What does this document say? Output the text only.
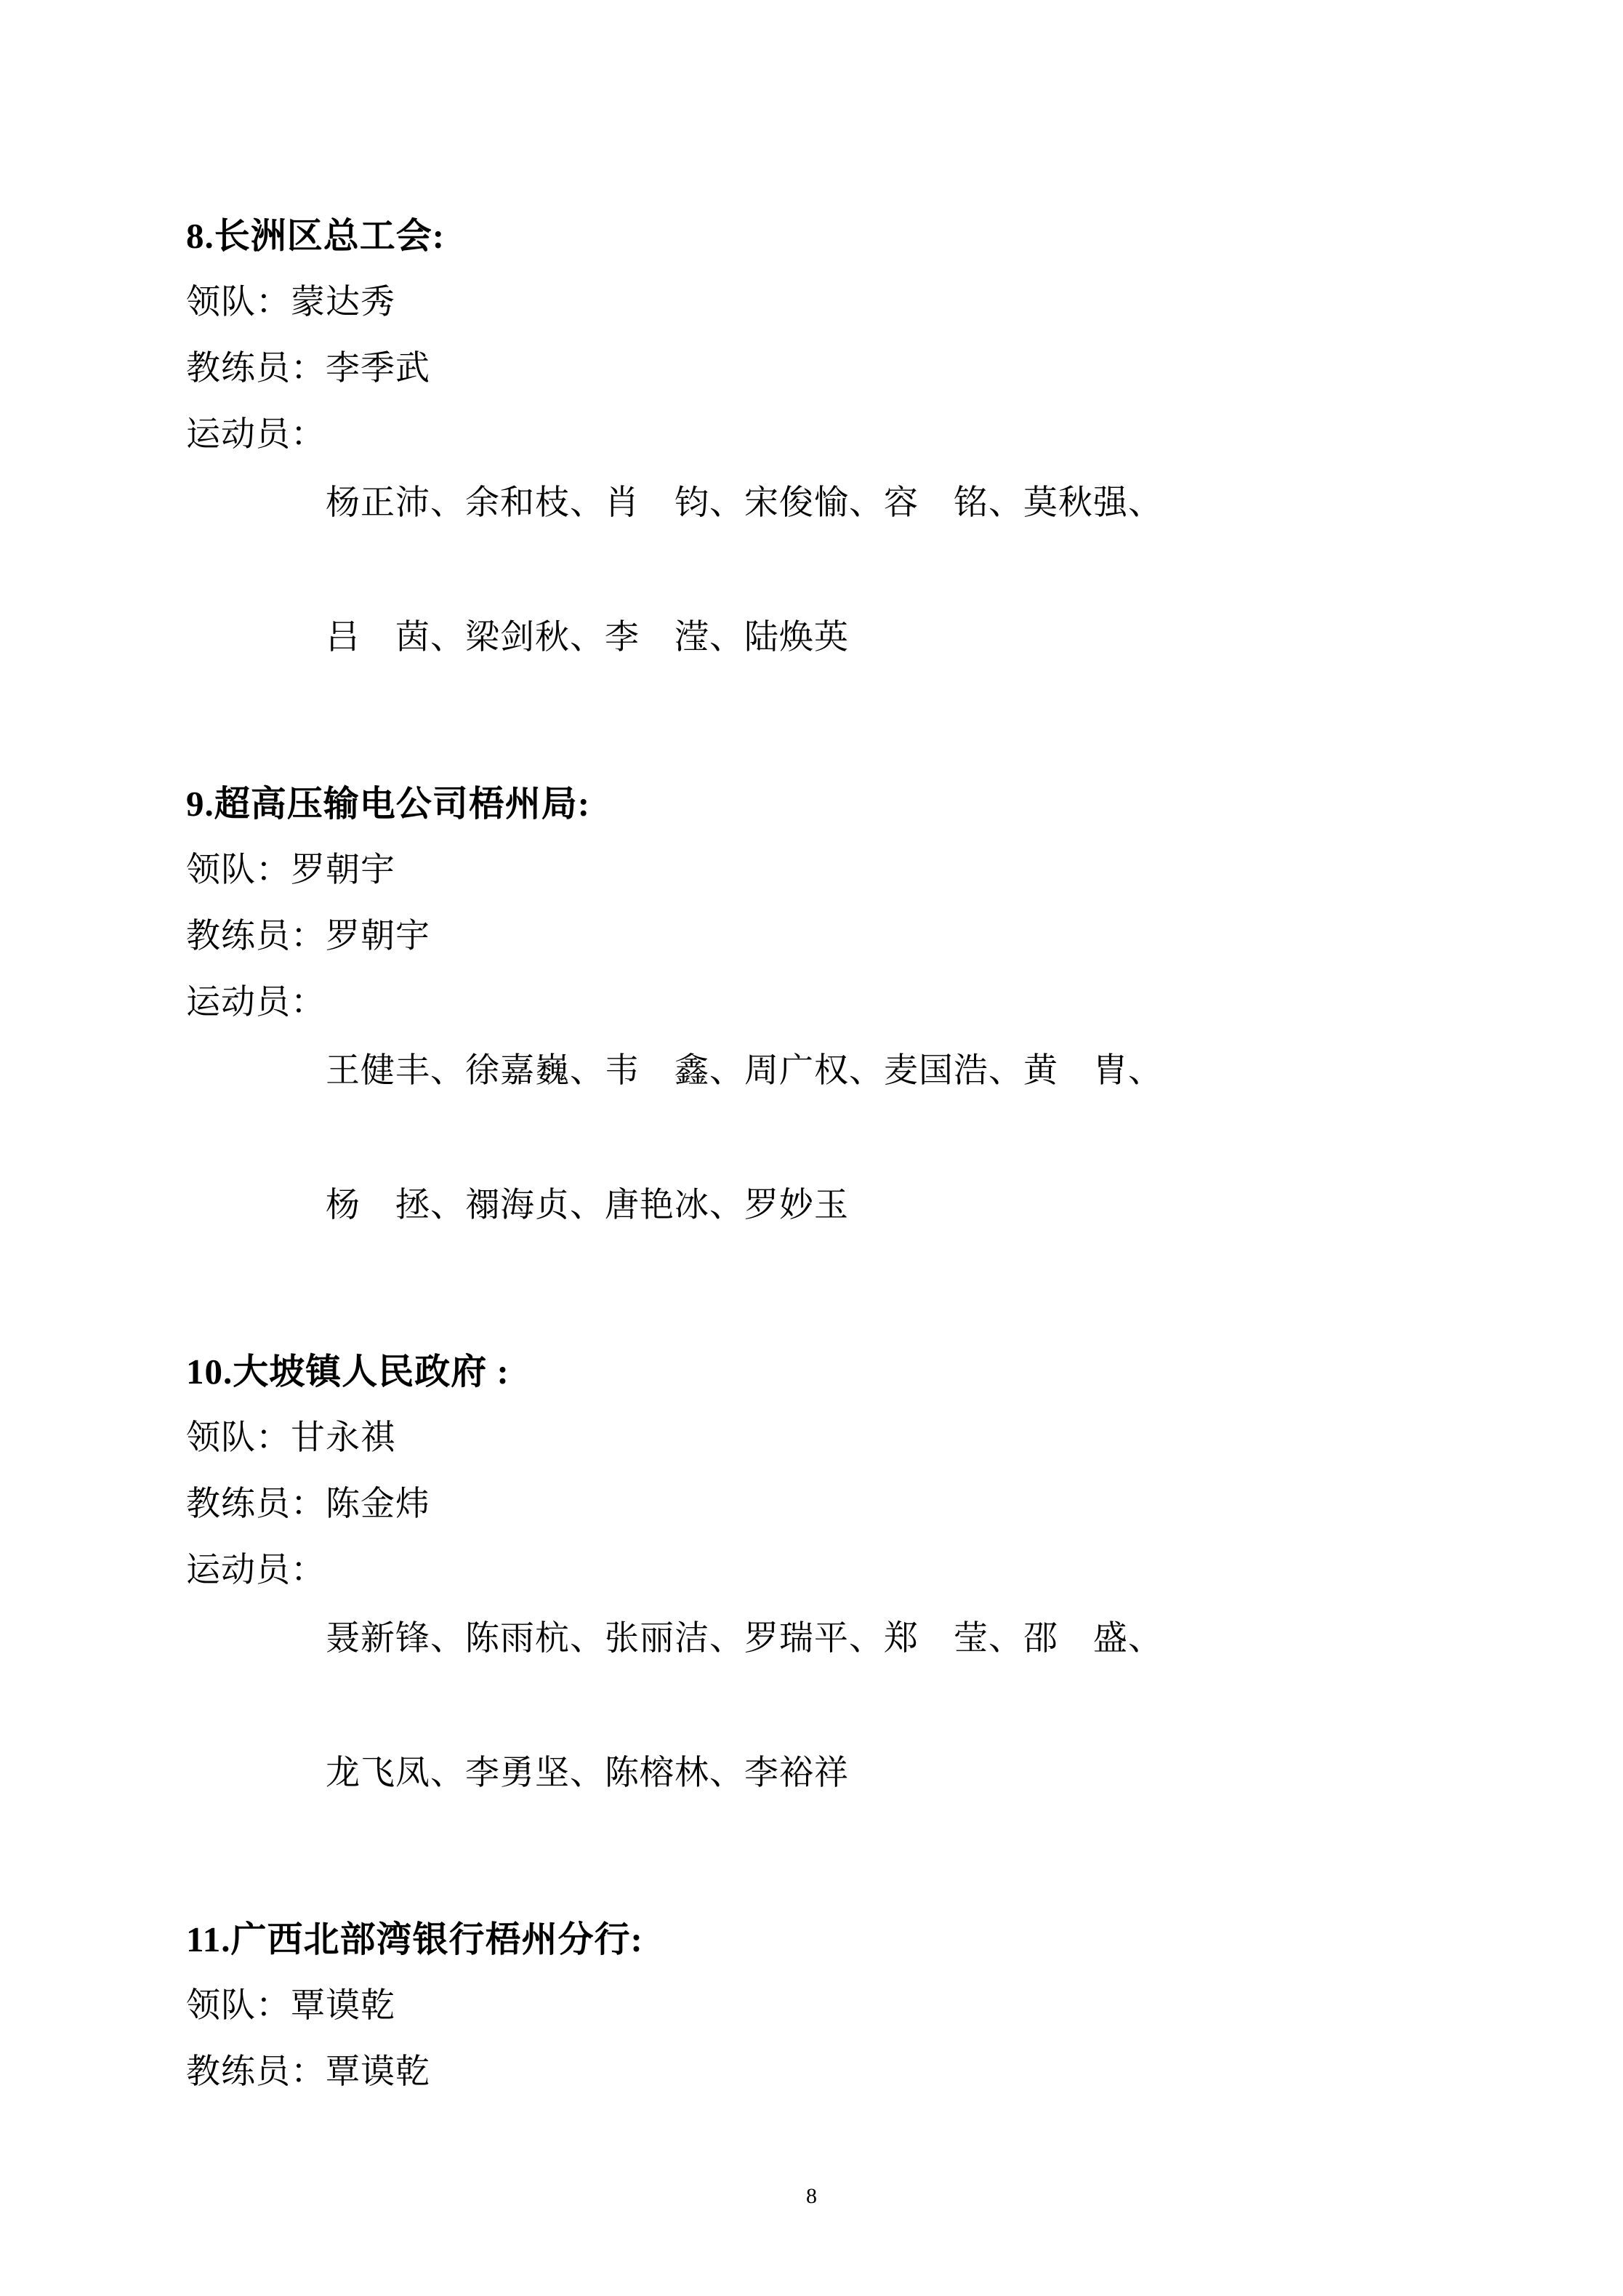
8.长洲区总工会:
领队：蒙达秀
教练员：李季武
运动员：

杨正沛、余和枝、肖　钧、宋俊愉、容　铭、莫秋强、

吕　茵、梁剑秋、李　滢、陆焕英

9.超高压输电公司梧州局:
领队：罗朝宇
教练员：罗朝宇
运动员：

王健丰、徐嘉巍、韦　鑫、周广权、麦国浩、黄　胄、

杨　拯、禤海贞、唐艳冰、罗妙玉

10.大坡镇人民政府 :
领队：甘永祺
教练员：陈金炜
运动员：

聂新锋、陈雨杭、张丽洁、罗瑞平、郑　莹、邵　盛、

龙飞凤、李勇坚、陈榕林、李裕祥

11.广西北部湾银行梧州分行:
领队：覃谟乾
教练员：覃谟乾
8
